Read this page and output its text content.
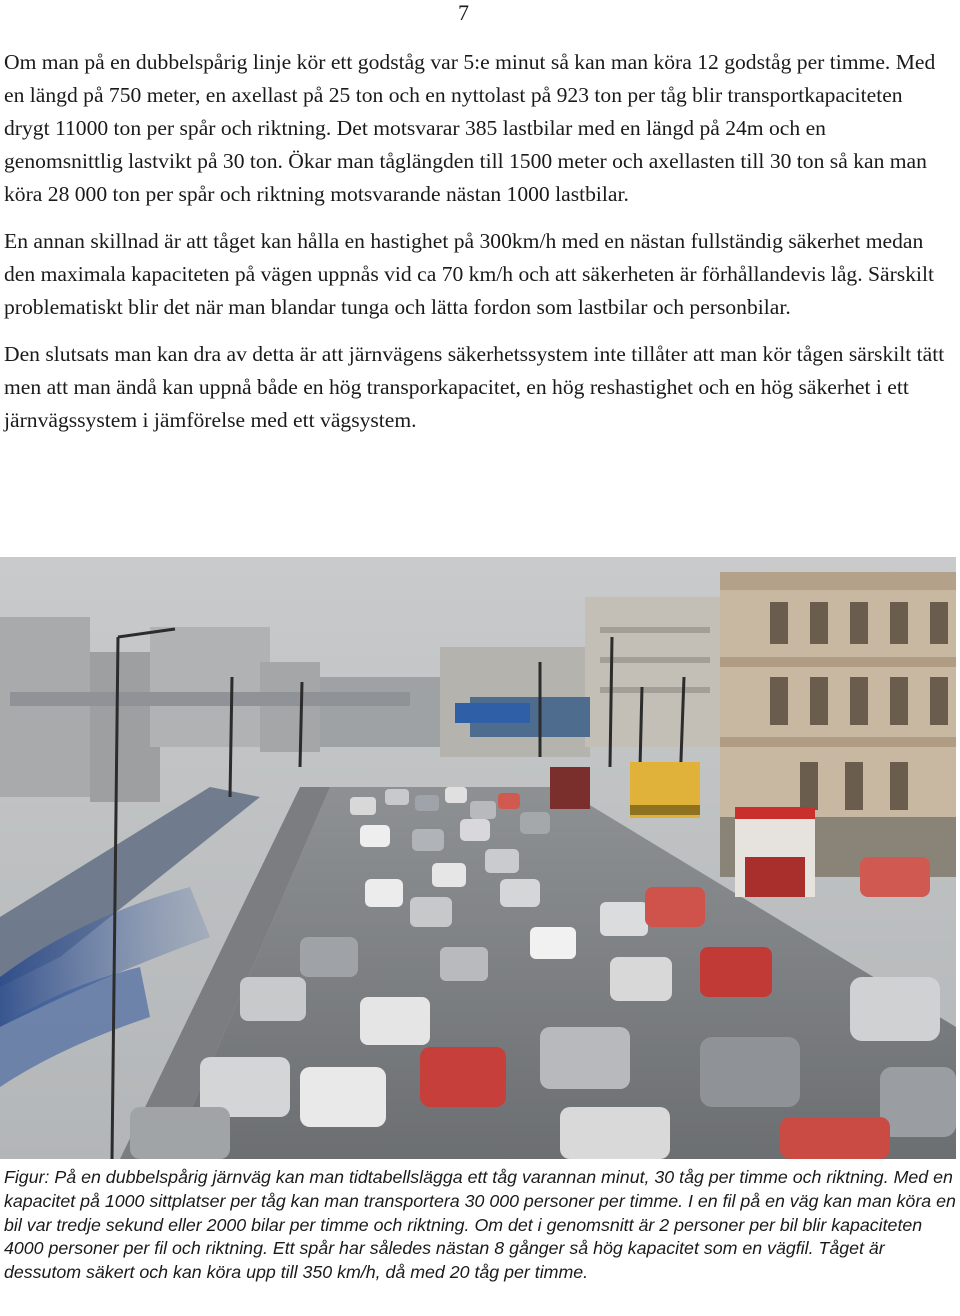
7

Om man på en dubbelspårig linje kör ett godståg var 5:e minut så kan man köra 12 godståg per timme. Med en längd på 750 meter, en axellast på 25 ton och en nyttolast på 923 ton per tåg blir transportkapaciteten drygt 11000 ton per spår och riktning. Det motsvarar 385 lastbilar med en längd på 24m och en genomsnittlig lastvikt på 30 ton. Ökar man tåglängden till 1500 meter och axellasten till 30 ton så kan man köra 28 000 ton per spår och riktning motsvarande nästan 1000 lastbilar.

En annan skillnad är att tåget kan hålla en hastighet på 300km/h med en nästan fullständig säkerhet medan den maximala kapaciteten på vägen uppnås vid ca 70 km/h och att säkerheten är förhållandevis låg. Särskilt problematiskt blir det när man blandar tunga och lätta fordon som lastbilar och personbilar.

Den slutsats man kan dra av detta är att järnvägens säkerhetssystem inte tillåter att man kör tågen särskilt tätt men att man ändå kan uppnå både en hög transporkapacitet, en hög reshastighet och en hög säkerhet i ett järnvägssystem i jämförelse med ett vägsystem.

Figur: På en dubbelspårig järnväg kan man tidtabellslägga ett tåg varannan minut, 30 tåg per timme och riktning. Med en kapacitet på 1000 sittplatser per tåg kan man transportera 30 000 personer per timme. I en fil på en väg kan man köra en bil var tredje sekund eller 2000 bilar per timme och riktning. Om det i genomsnitt är 2 personer per bil blir kapaciteten 4000 personer per fil och riktning. Ett spår har således nästan 8 gånger så hög kapacitet som en vägfil. Tåget är dessutom säkert och kan köra upp till 350 km/h, då med 20 tåg per timme.
